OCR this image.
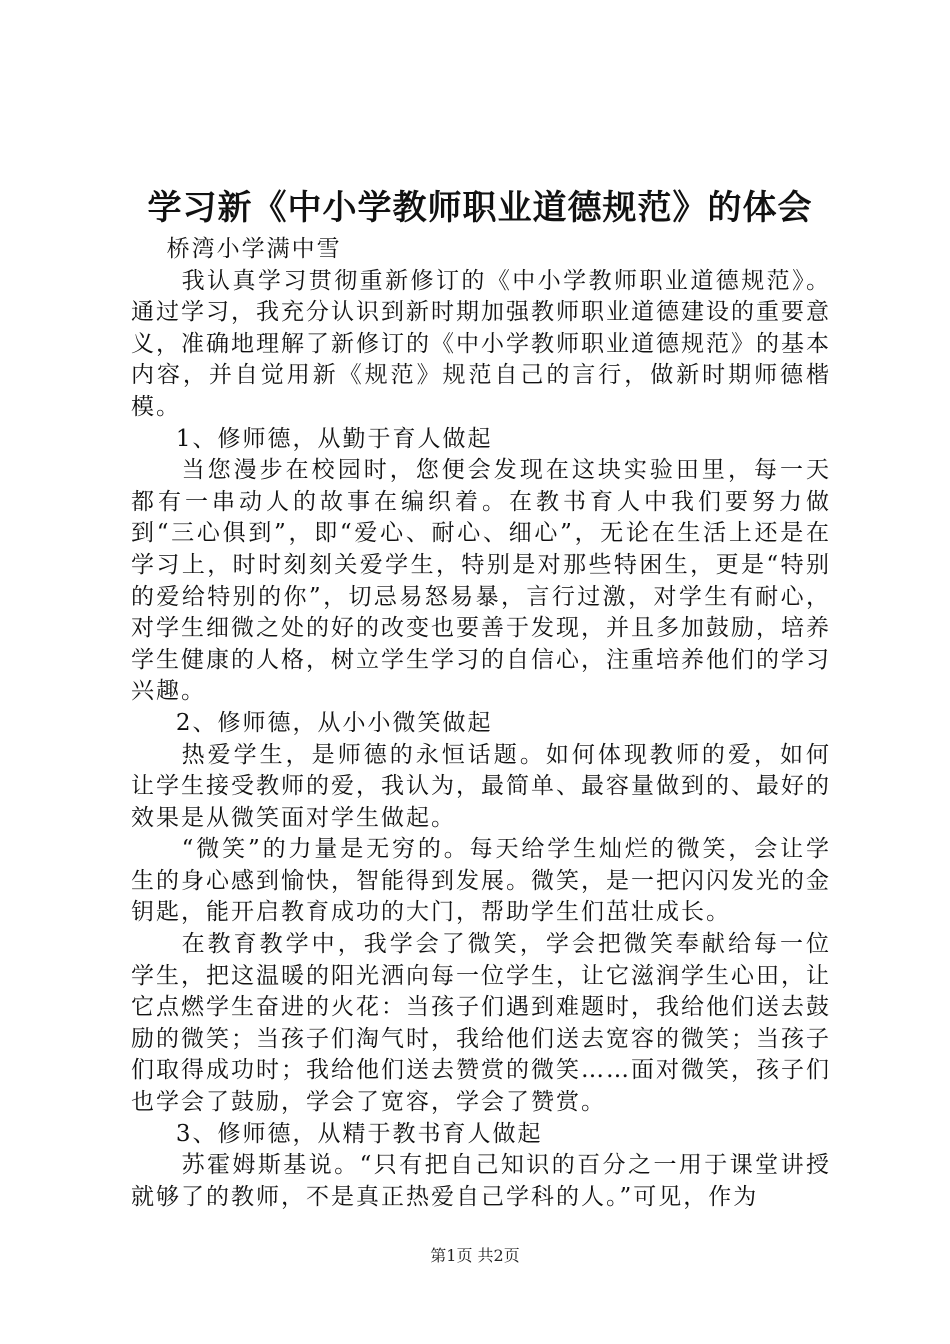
学习新《中小学教师职业道德规范》的体会

桥湾小学满中雪

我认真学习贯彻重新修订的《中小学教师职业道德规范》。通过学习，我充分认识到新时期加强教师职业道德建设的重要意义，准确地理解了新修订的《中小学教师职业道德规范》的基本内容，并自觉用新《规范》规范自己的言行，做新时期师德楷模。

1、修师德，从勤于育人做起

当您漫步在校园时，您便会发现在这块实验田里，每一天都有一串动人的故事在编织着。在教书育人中我们要努力做到“三心俱到”，即“爱心、耐心、细心”，无论在生活上还是在学习上，时时刻刻关爱学生，特别是对那些特困生，更是“特别的爱给特别的你”，切忌易怒易暴，言行过激，对学生有耐心，对学生细微之处的好的改变也要善于发现，并且多加鼓励，培养学生健康的人格，树立学生学习的自信心，注重培养他们的学习兴趣。

2、修师德，从小小微笑做起

热爱学生，是师德的永恒话题。如何体现教师的爱，如何让学生接受教师的爱，我认为，最简单、最容量做到的、最好的效果是从微笑面对学生做起。

“微笑”的力量是无穷的。每天给学生灿烂的微笑，会让学生的身心感到愉快，智能得到发展。微笑，是一把闪闪发光的金钥匙，能开启教育成功的大门，帮助学生们茁壮成长。

在教育教学中，我学会了微笑，学会把微笑奉献给每一位学生，把这温暖的阳光洒向每一位学生，让它滋润学生心田，让它点燃学生奋进的火花：当孩子们遇到难题时，我给他们送去鼓励的微笑；当孩子们淘气时，我给他们送去宽容的微笑；当孩子们取得成功时；我给他们送去赞赏的微笑……面对微笑，孩子们也学会了鼓励，学会了宽容，学会了赞赏。

3、修师德，从精于教书育人做起

苏霍姆斯基说。“只有把自己知识的百分之一用于课堂讲授就够了的教师，不是真正热爱自己学科的人。”可见，作为

第1页 共2页
